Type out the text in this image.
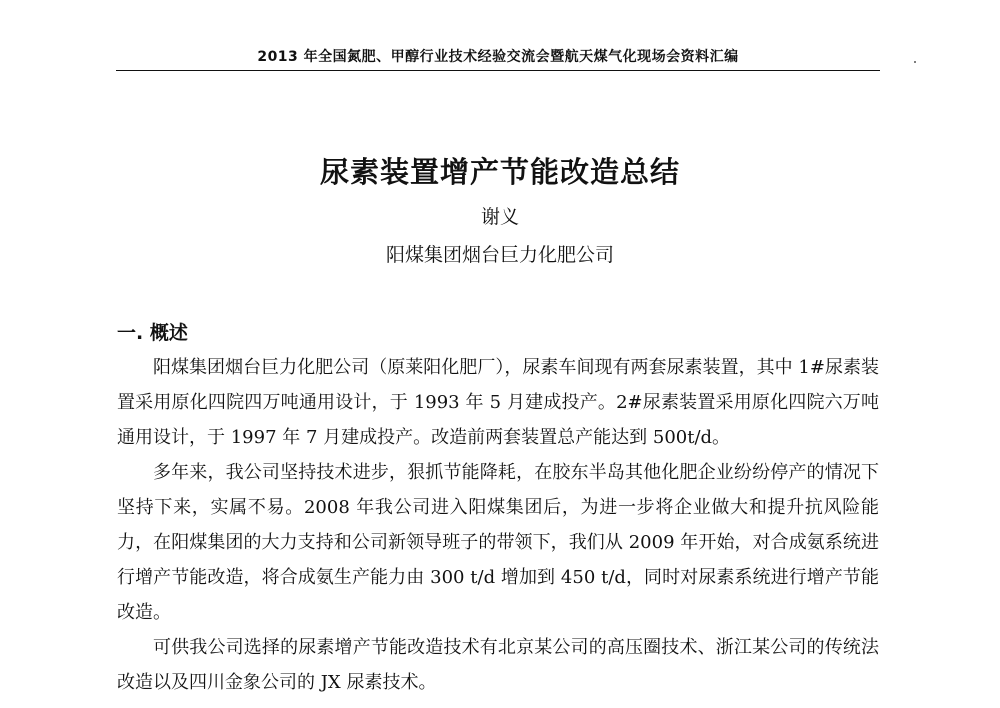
2013 年全国氮肥、甲醇行业技术经验交流会暨航天煤气化现场会资料汇编
尿素装置增产节能改造总结
谢义
阳煤集团烟台巨力化肥公司
一. 概述

阳煤集团烟台巨力化肥公司（原莱阳化肥厂），尿素车间现有两套尿素装置，其中 1#尿素装置采用原化四院四万吨通用设计，于 1993 年 5 月建成投产。2#尿素装置采用原化四院六万吨通用设计，于 1997 年 7 月建成投产。改造前两套装置总产能达到 500t/d。

多年来，我公司坚持技术进步，狠抓节能降耗，在胶东半岛其他化肥企业纷纷停产的情况下坚持下来，实属不易。2008 年我公司进入阳煤集团后，为进一步将企业做大和提升抗风险能力，在阳煤集团的大力支持和公司新领导班子的带领下，我们从 2009 年开始，对合成氨系统进行增产节能改造，将合成氨生产能力由 300 t/d 增加到 450 t/d，同时对尿素系统进行增产节能改造。

可供我公司选择的尿素增产节能改造技术有北京某公司的高压圈技术、浙江某公司的传统法改造以及四川金象公司的 JX 尿素技术。
